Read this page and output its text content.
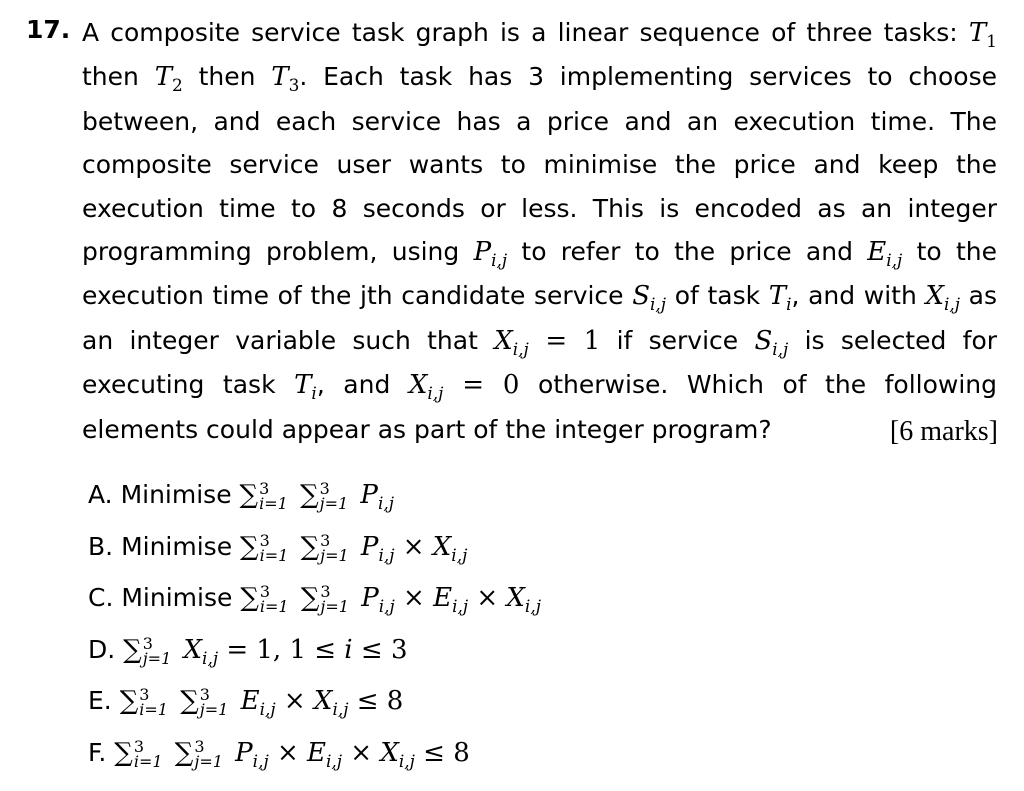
17. A composite service task graph is a linear sequence of three tasks: $T_1$ then $T_2$ then $T_3$. Each task has 3 implementing services to choose between, and each service has a price and an execution time. The composite service user wants to minimise the price and keep the execution time to 8 seconds or less. This is encoded as an integer programming problem, using $P_{i,j}$ to refer to the price and $E_{i,j}$ to the execution time of the jth candidate service $S_{i,j}$ of task $T_i$, and with $X_{i,j}$ as an integer variable such that $X_{i,j} = 1$ if service $S_{i,j}$ is selected for executing task $T_i$, and $X_{i,j} = 0$ otherwise. Which of the following elements could appear as part of the integer program?	[6 marks]
A. Minimise ∑ 3
i=1 ∑ 3
j=1 $P_{i,j}$
B. Minimise ∑ 3
i=1 ∑ 3
j=1 $P_{i,j} \times X_{i,j}$
C. Minimise ∑ 3
i=1 ∑ 3
j=1 $P_{i,j} \times E_{i,j} \times X_{i,j}$
D. ∑ 3
j=1 $X_{i,j} = 1$, 1 ≤ i ≤ 3
E. ∑ 3
i=1 ∑ 3
j=1 $E_{i,j} \times X_{i,j} \le 8$
F. ∑ 3
i=1 ∑ 3
j=1 $P_{i,j} \times E_{i,j} \times X_{i,j} \le 8$
